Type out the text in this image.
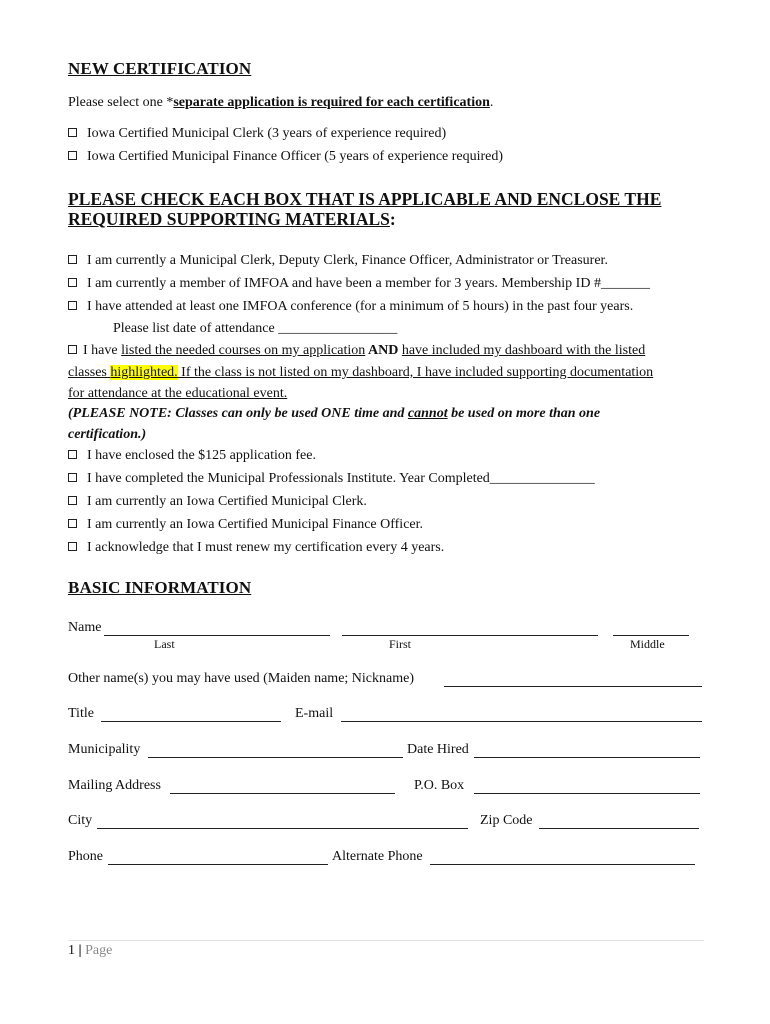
NEW CERTIFICATION
Please select one *separate application is required for each certification.
Iowa Certified Municipal Clerk (3 years of experience required)
Iowa Certified Municipal Finance Officer (5 years of experience required)
PLEASE CHECK EACH BOX THAT IS APPLICABLE AND ENCLOSE THE
REQUIRED SUPPORTING MATERIALS:
I am currently a Municipal Clerk, Deputy Clerk, Finance Officer, Administrator or Treasurer.
I am currently a member of IMFOA and have been a member for 3 years. Membership ID #_______
I have attended at least one IMFOA conference (for a minimum of 5 hours) in the past four years.
Please list date of attendance _________________
I have listed the needed courses on my application AND have included my dashboard with the listed
classes highlighted. If the class is not listed on my dashboard, I have included supporting documentation
for attendance at the educational event.
(PLEASE NOTE: Classes can only be used ONE time and cannot be used on more than one
certification.)
I have enclosed the $125 application fee.
I have completed the Municipal Professionals Institute. Year Completed_______________
I am currently an Iowa Certified Municipal Clerk.
I am currently an Iowa Certified Municipal Finance Officer.
I acknowledge that I must renew my certification every 4 years.
BASIC INFORMATION
Name
Last	First	Middle
Other name(s) you may have used (Maiden name; Nickname)
Title	E-mail
Municipality	Date Hired
Mailing Address	P.O. Box
City	Zip Code
Phone	Alternate Phone
1 | Page
